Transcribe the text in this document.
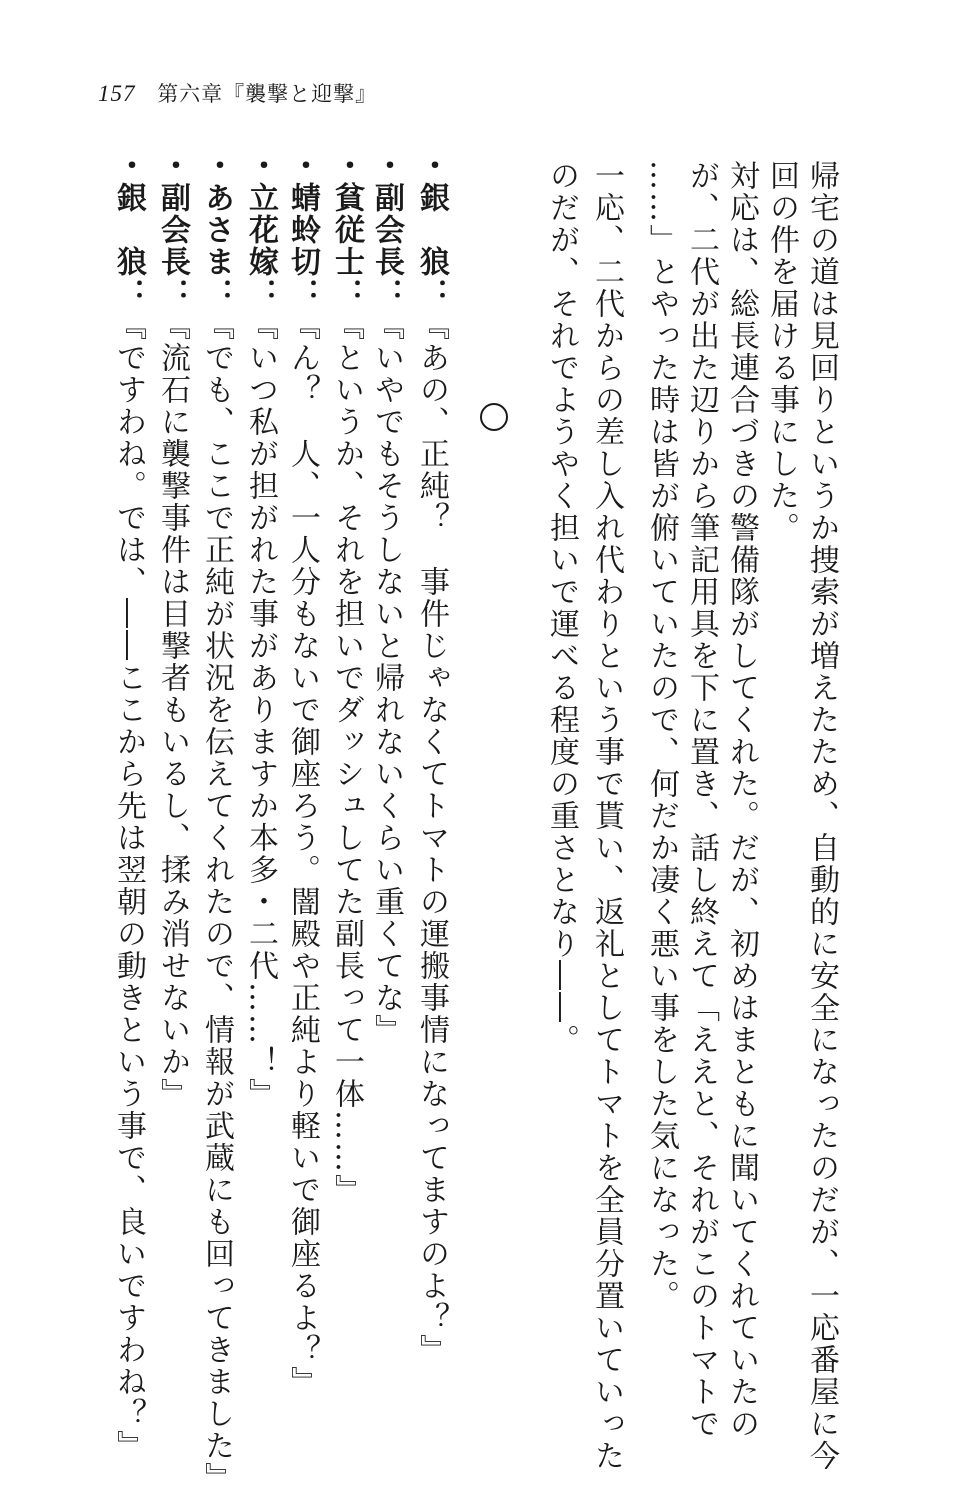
157 第六章『襲撃と迎撃』
帰宅の道は見回りというか捜索が増えたため、自動的に安全になったのだが、一応番屋に今
回の件を届ける事にした。
対応は、総長連合づきの警備隊がしてくれた。だが、初めはまともに聞いてくれていたの
が、二代が出た辺りから筆記用具を下に置き、話し終えて「ええと、それがこのトマトで
……」とやった時は皆が俯いていたので、何だか凄く悪い事をした気になった。
一応、二代からの差し入れ代わりという事で貰い、返礼としてトマトを全員分置いていった
のだが、それでようやく担いで運べる程度の重さとなり――。
・銀　狼：『あの、正純？　事件じゃなくてトマトの運搬事情になってますのよ？』
・副会長：『いやでもそうしないと帰れないくらい重くてな』
・貧従士：『というか、それを担いでダッシュしてた副長って一体……』
・蜻蛉切：『ん？　人、一人分もないで御座ろう。闇殿や正純より軽いで御座るよ？』
・立花嫁：『いつ私が担がれた事がありますか本多・二代……！』
・あさま：『でも、ここで正純が状況を伝えてくれたので、情報が武蔵にも回ってきました』
・副会長：『流石に襲撃事件は目撃者もいるし、揉み消せないか』
・銀　狼：『ですわね。では、――ここから先は翌朝の動きという事で、良いですわね？』
